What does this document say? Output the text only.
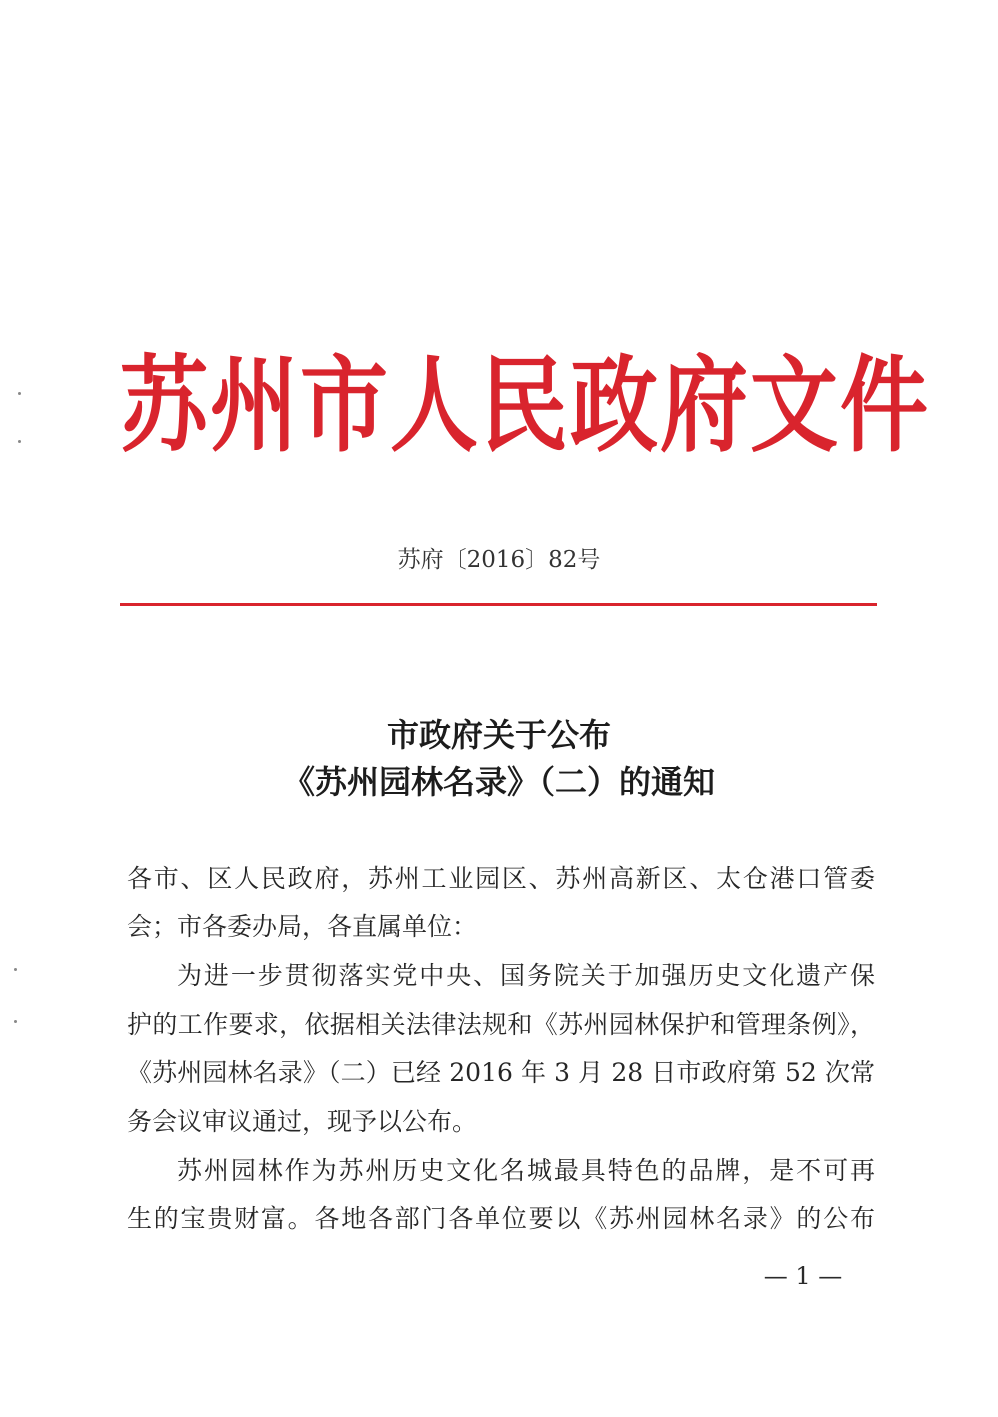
苏州市人民政府文件
苏府〔2016〕82号
市政府关于公布
《苏州园林名录》（二）的通知
各市、区人民政府，苏州工业园区、苏州高新区、太仓港口管委
会；市各委办局，各直属单位：
为进一步贯彻落实党中央、国务院关于加强历史文化遗产保
护的工作要求，依据相关法律法规和《苏州园林保护和管理条例》，
《苏州园林名录》（二）已经 2016 年 3 月 28 日市政府第 52 次常
务会议审议通过，现予以公布。
苏州园林作为苏州历史文化名城最具特色的品牌，是不可再
生的宝贵财富。各地各部门各单位要以《苏州园林名录》的公布
— 1 —
